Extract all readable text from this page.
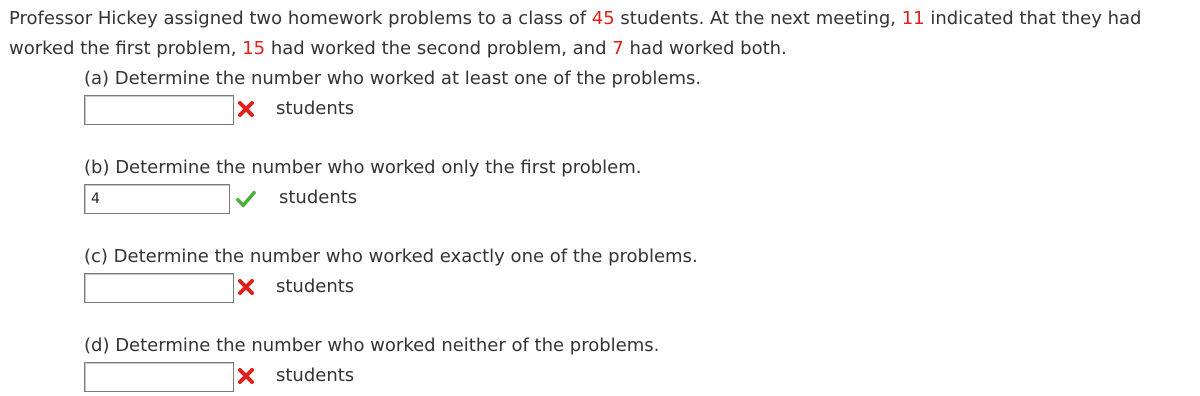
Professor Hickey assigned two homework problems to a class of 45 students. At the next meeting, 11 indicated that they had
worked the first problem, 15 had worked the second problem, and 7 had worked both.
(a) Determine the number who worked at least one of the problems.
students
(b) Determine the number who worked only the first problem.
4
students
(c) Determine the number who worked exactly one of the problems.
students
(d) Determine the number who worked neither of the problems.
students
